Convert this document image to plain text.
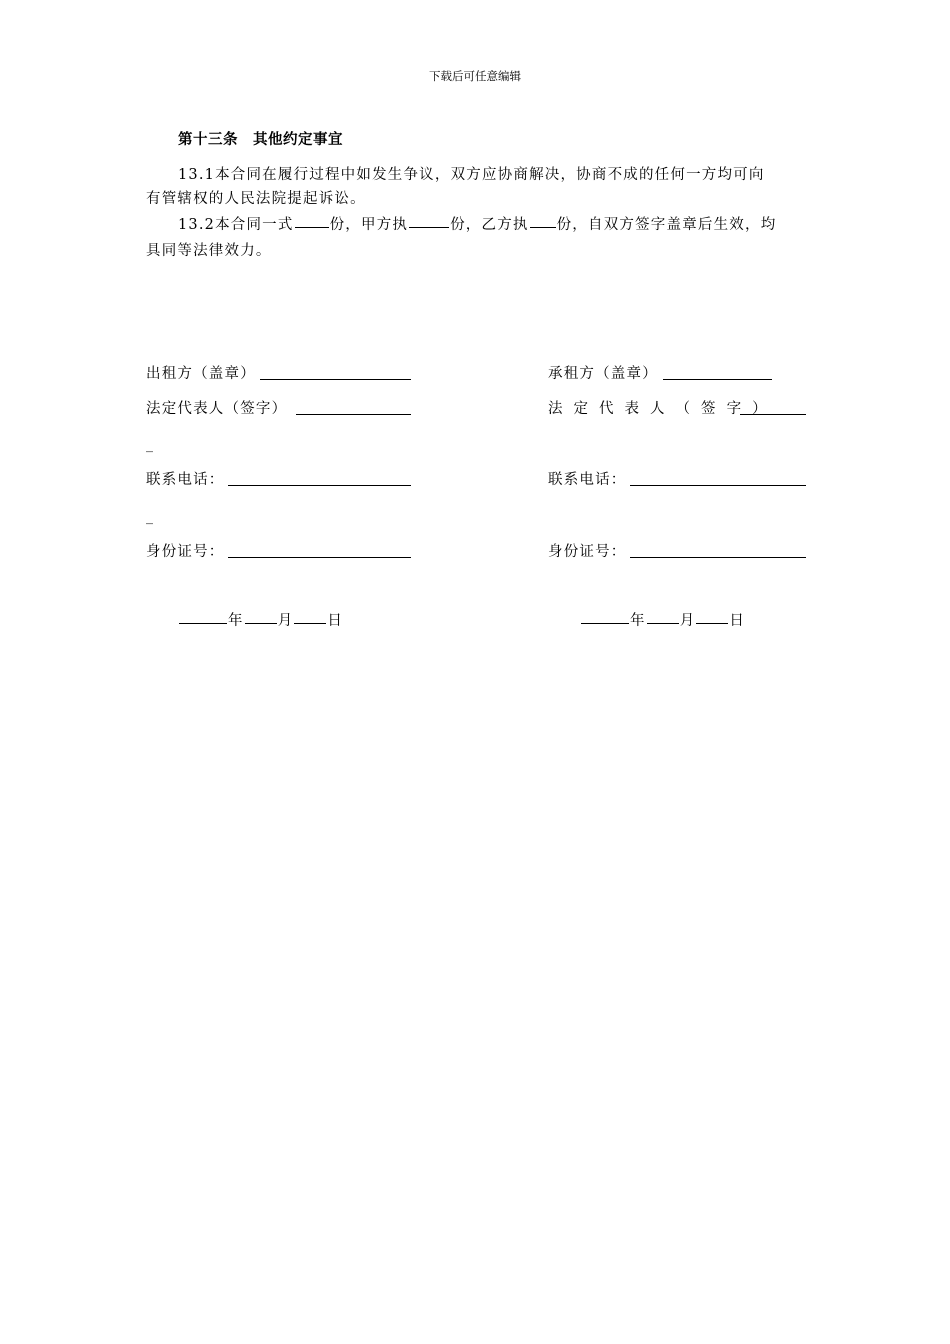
下载后可任意编辑
第十三条　其他约定事宜
13.1本合同在履行过程中如发生争议，双方应协商解决，协商不成的任何一方均可向
有管辖权的人民法院提起诉讼。
13.2本合同一式 份，甲方执	份，乙方执 份，自双方签字盖章后生效，均
具同等法律效力。
出租方（盖章）
法定代表人（签字）
_
联系电话：
_
身份证号：
承租方（盖章）
法 定 代 表 人 （ 签 字 ）
联系电话：
身份证号：
年 月 日	年 月 日
